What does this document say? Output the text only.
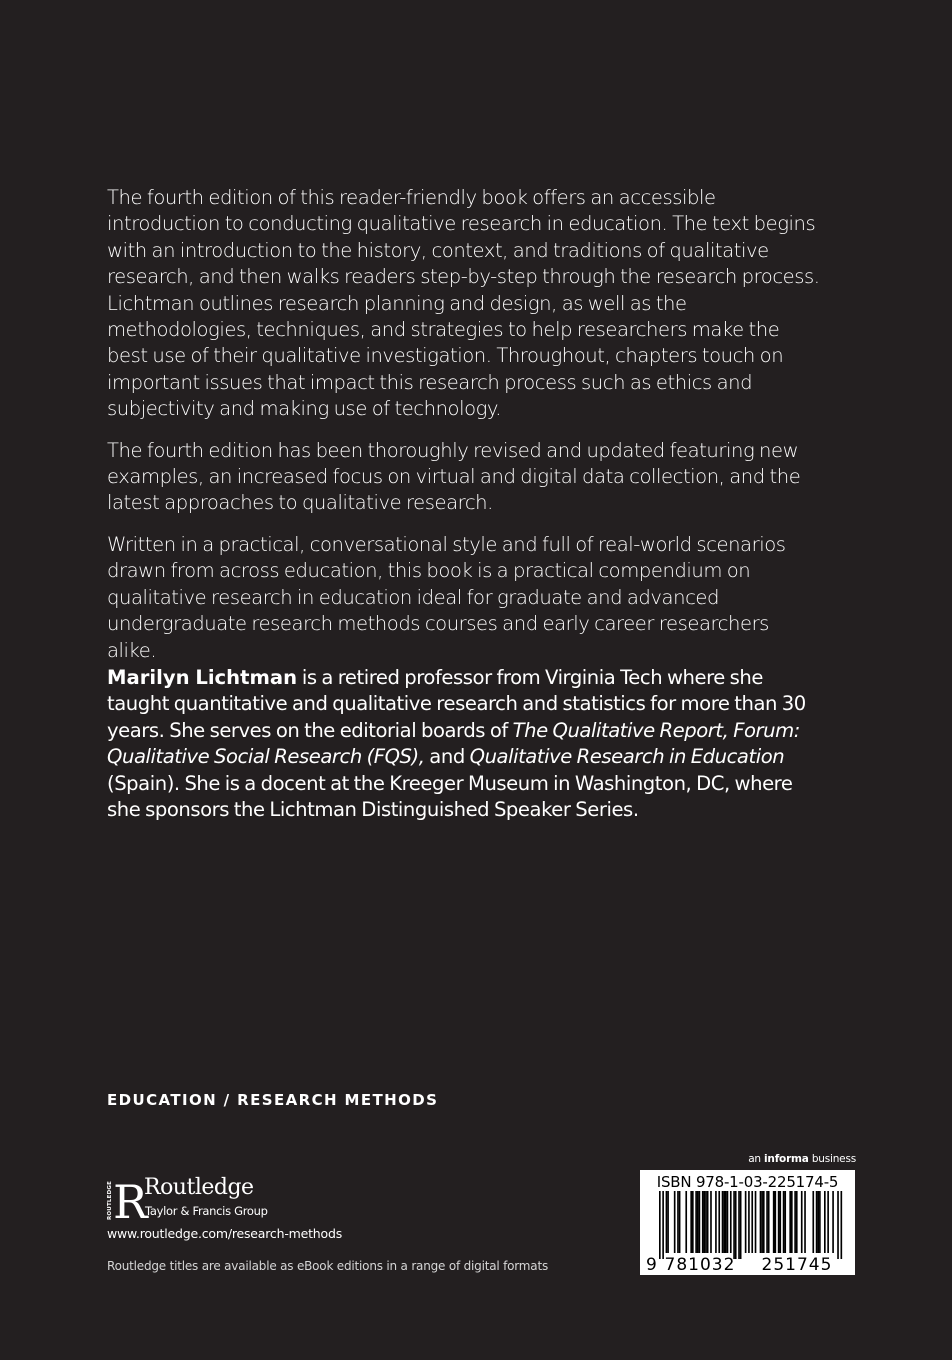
The fourth edition of this reader-friendly book offers an accessible introduction to conducting qualitative research in education. The text begins with an introduction to the history, context, and traditions of qualitative research, and then walks readers step-by-step through the research process. Lichtman outlines research planning and design, as well as the methodologies, techniques, and strategies to help researchers make the best use of their qualitative investigation. Throughout, chapters touch on important issues that impact this research process such as ethics and subjectivity and making use of technology.

The fourth edition has been thoroughly revised and updated featuring new examples, an increased focus on virtual and digital data collection, and the latest approaches to qualitative research.

Written in a practical, conversational style and full of real-world scenarios drawn from across education, this book is a practical compendium on qualitative research in education ideal for graduate and advanced undergraduate research methods courses and early career researchers alike.

Marilyn Lichtman is a retired professor from Virginia Tech where she taught quantitative and qualitative research and statistics for more than 30 years. She serves on the editorial boards of The Qualitative Report, Forum: Qualitative Social Research (FQS), and Qualitative Research in Education (Spain). She is a docent at the Kreeger Museum in Washington, DC, where she sponsors the Lichtman Distinguished Speaker Series.
EDUCATION / RESEARCH METHODS
ROUTLEDGE R
Routledge
Taylor & Francis Group
www.routledge.com/research-methods
Routledge titles are available as eBook editions in a range of digital formats
an informa business
ISBN 978-1-03-225174-5
9 781032 251745
